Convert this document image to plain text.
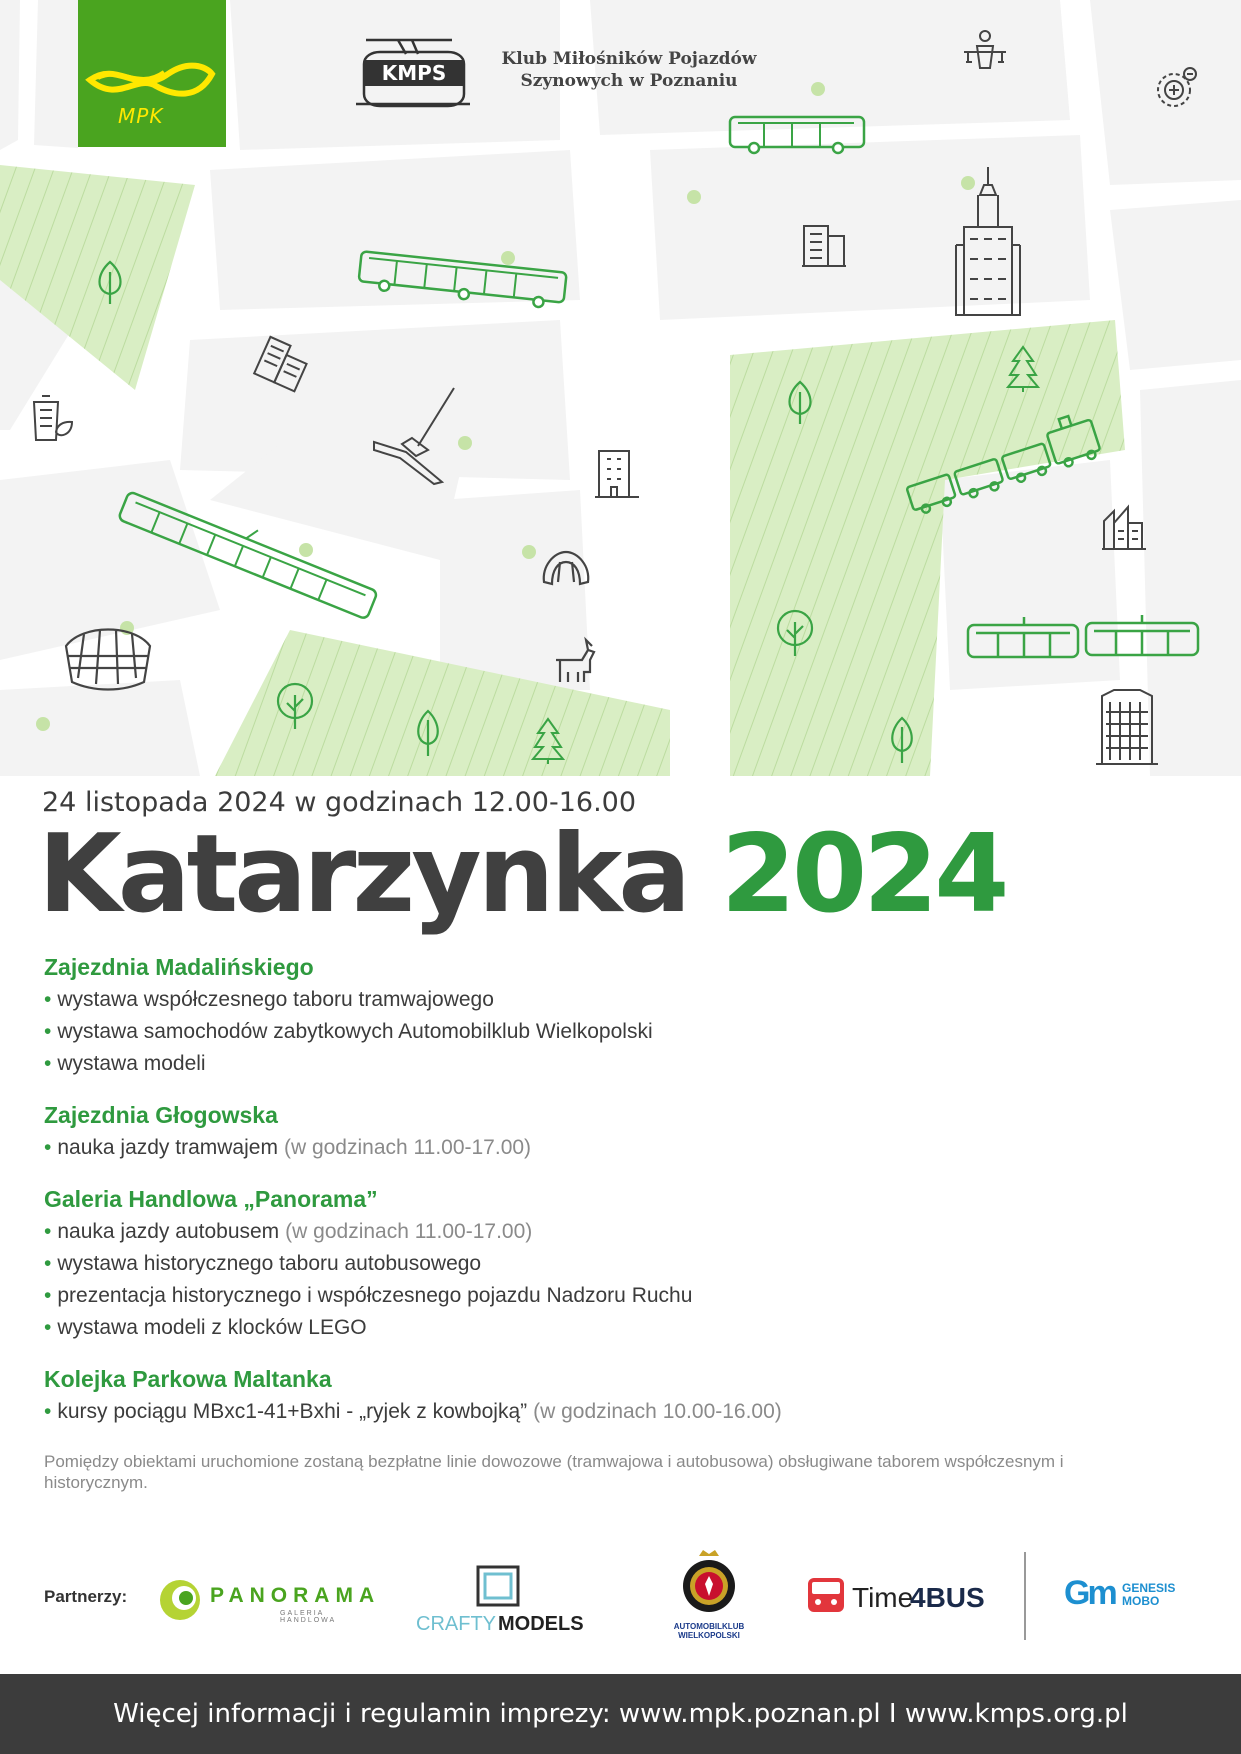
MPK
KMPS
Klub Miłośników Pojazdów
Szynowych w Poznaniu
24 listopada 2024 w godzinach 12.00-16.00
Katarzynka 2024
Zajezdnia Madalińskiego
• wystawa współczesnego taboru tramwajowego
• wystawa samochodów zabytkowych Automobilklub Wielkopolski
• wystawa modeli
Zajezdnia Głogowska
• nauka jazdy tramwajem (w godzinach 11.00-17.00)
Galeria Handlowa „Panorama”
• nauka jazdy autobusem (w godzinach 11.00-17.00)
• wystawa historycznego taboru autobusowego
• prezentacja historycznego i współczesnego pojazdu Nadzoru Ruchu
• wystawa modeli z klocków LEGO
Kolejka Parkowa Maltanka
• kursy pociągu MBxc1-41+Bxhi - „ryjek z kowbojką” (w godzinach 10.00-16.00)
Pomiędzy obiektami uruchomione zostaną bezpłatne linie dowozowe (tramwajowa i autobusowa) obsługiwane taborem współczesnym i historycznym.
Partnerzy:	PANORAMA
GALERIA HANDLOWA	CRAFTY MODELS	AUTOMOBILKLUB
WIELKOPOLSKI
Time
4BUS Gm GENESIS
MOBO
Więcej informacji i regulamin imprezy: www.mpk.poznan.pl I www.kmps.org.pl
